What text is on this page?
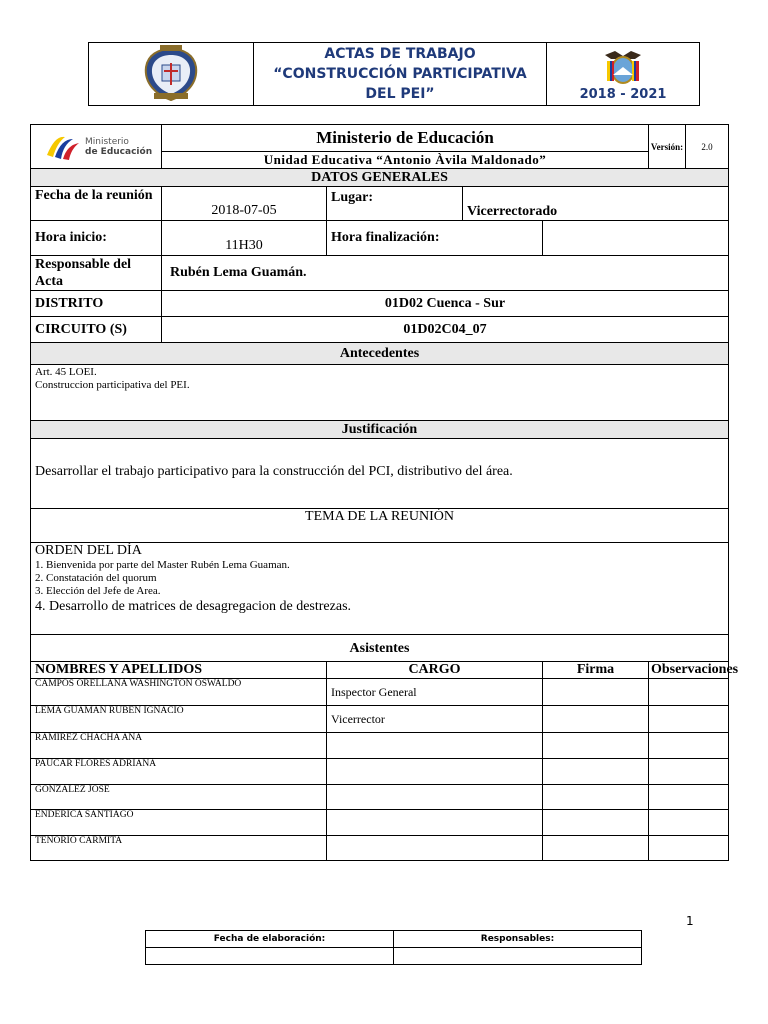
ACTAS DE TRABAJO
“CONSTRUCCIÓN PARTICIPATIVA
DEL PEI”	2018 - 2021
Ministerio
de Educación	Ministerio de Educación				Versión:	2.0
	Unidad Educativa “Antonio Àvila Maldonado”					
DATOS GENERALES						
Fecha de la reunión	2018-07-05	Lugar:	Vicerrectorado			
Hora inicio:	11H30	Hora finalización:				
Responsable del Acta	Rubén Lema Guamán.					
DISTRITO	01D02 Cuenca - Sur					
CIRCUITO (S)	01D02C04_07					
Antecedentes						

Art. 45 LOEI.
Construccion participativa del PEI.						

Justificación						
Desarrollar el trabajo participativo para la construcción del PCI, distributivo del área.						
TEMA DE LA REUNIÓN						

ORDEN DEL DÍA
1. Bienvenida por parte del Master Rubén Lema Guaman.
2. Constatación del quorum
3. Elección del Jefe de Area.
4. Desarrollo de matrices de desagregacion de destrezas.						

Asistentes						
NOMBRES Y APELLIDOS		CARGO		Firma	Observaciones	
CAMPOS ORELLANA WASHINGTON OSWALDO		Inspector General				
LEMA GUAMAN RUBEN IGNACIO		Vicerrector				
RAMIREZ CHACHA ANA						
PAUCAR FLORES ADRIANA						
GONZALEZ JOSE						
ENDERICA SANTIAGO						
TENORIO CARMITA						
1
Fecha de elaboración:	Responsables:
